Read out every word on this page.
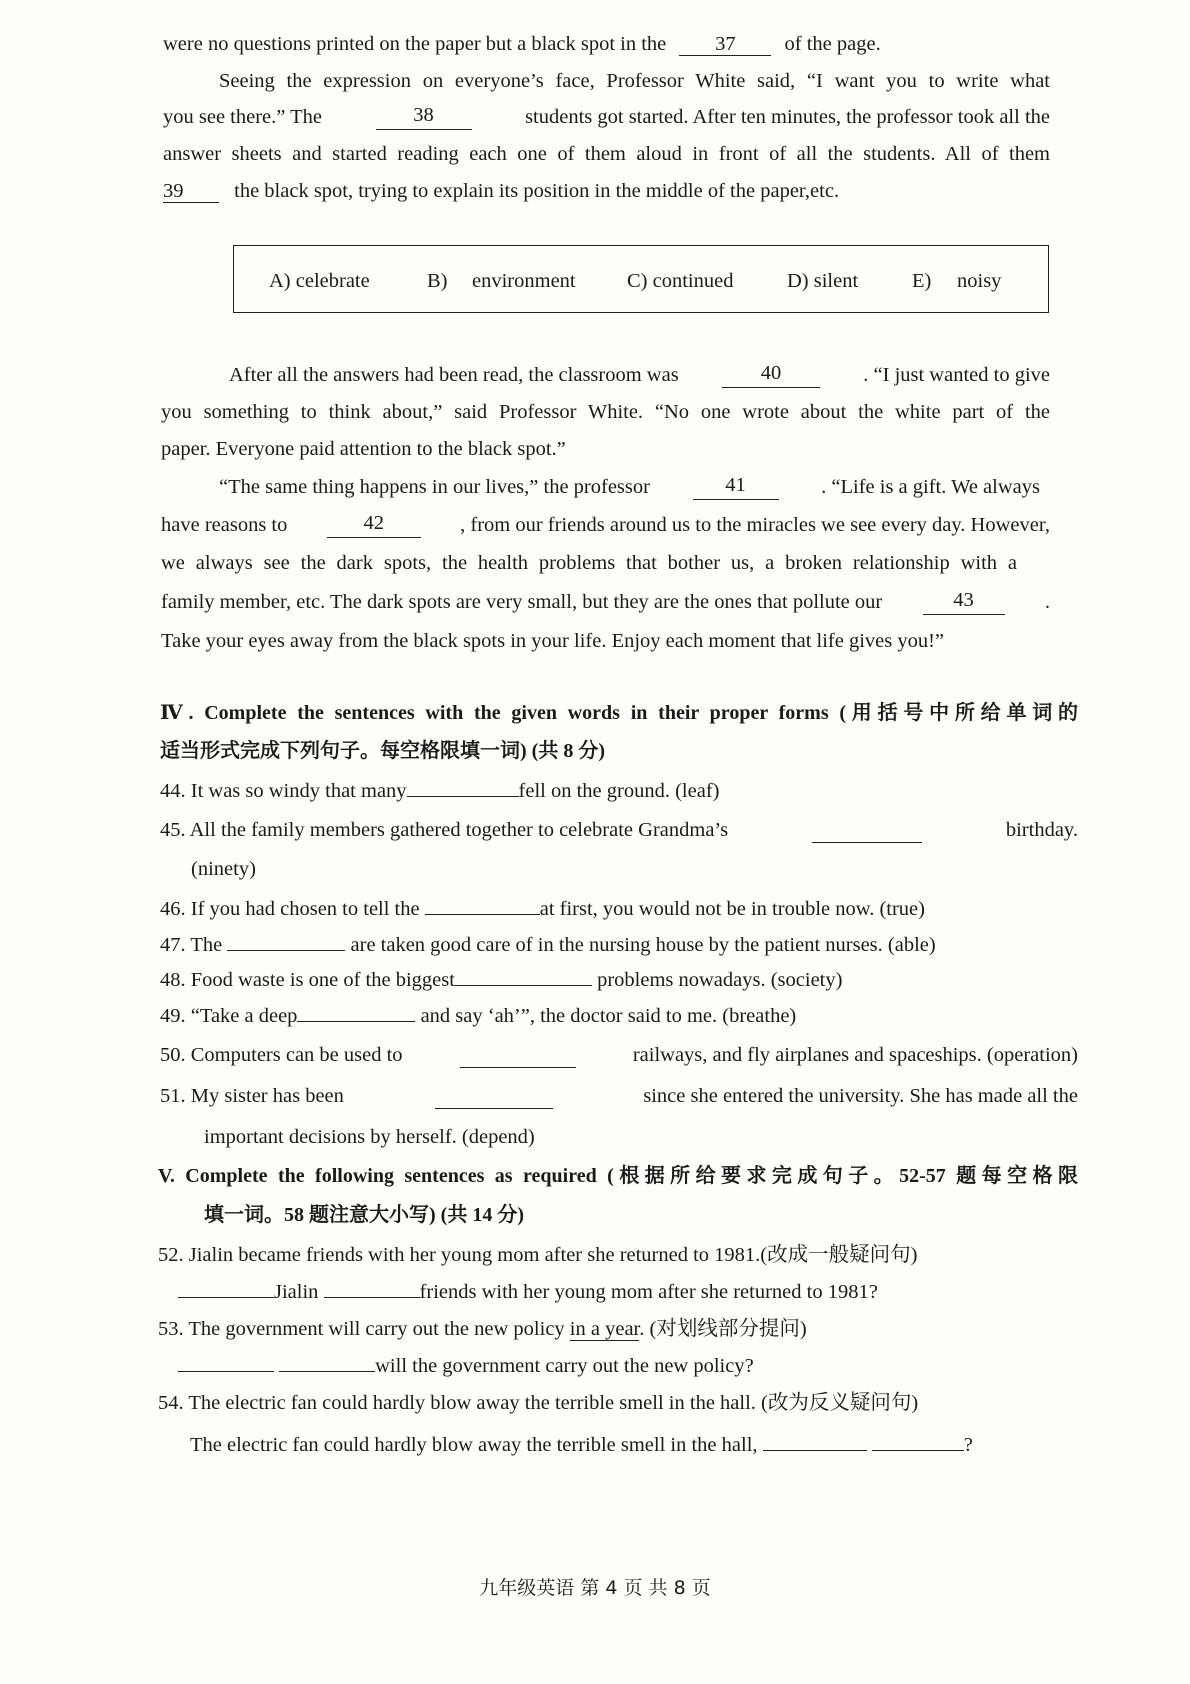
were no questions printed on the paper but a black spot in the 37 of the page.
Seeing the expression on everyone’s face, Professor White said, “I want you to write what
you see there.” The	38	students got started. After ten minutes, the professor took all the
answer sheets and started reading each one of them aloud in front of all the students. All of them
39 the black spot, trying to explain its position in the middle of the paper,etc.
A) celebrate	B) environment	C) continued	D) silent	E) noisy
After all the answers had been read, the classroom was	40	. “I just wanted to give
you something to think about,” said Professor White. “No one wrote about the white part of the
paper. Everyone paid attention to the black spot.”
“The same thing happens in our lives,” the professor	41	. “Life is a gift. We always
have reasons to	42	, from our friends around us to the miracles we see every day. However,
we always see the dark spots, the health problems that bother us, a broken relationship with a
family member, etc. The dark spots are very small, but they are the ones that pollute our	43	.
Take your eyes away from the black spots in your life. Enjoy each moment that life gives you!”
Ⅳ. Complete the sentences with the given words in their proper forms (用括号中所给单词的
适当形式完成下列句子。每空格限填一词) (共 8 分)
44. It was so windy that many	fell on the ground. (leaf)
45. All the family members gathered together to celebrate Grandma’s	birthday.
(ninety)
46. If you had chosen to tell the	at first, you would not be in trouble now. (true)
47. The	are taken good care of in the nursing house by the patient nurses. (able)
48. Food waste is one of the biggest	problems nowadays. (society)
49. “Take a deep	and say ‘ah’”, the doctor said to me. (breathe)
50. Computers can be used to	railways, and fly airplanes and spaceships. (operation)
51. My sister has been	since she entered the university. She has made all the
important decisions by herself. (depend)
V. Complete the following sentences as required (根据所给要求完成句子。52-57 题每空格限
填一词。58 题注意大小写) (共 14 分)
52. Jialin became friends with her young mom after she returned to 1981.(改成一般疑问句)
Jialin	friends with her young mom after she returned to 1981?
53. The government will carry out the new policy in a year. (对划线部分提问)
will the government carry out the new policy?
54. The electric fan could hardly blow away the terrible smell in the hall. (改为反义疑问句)
The electric fan could hardly blow away the terrible smell in the hall,	?
九年级英语 第 4 页 共 8 页
